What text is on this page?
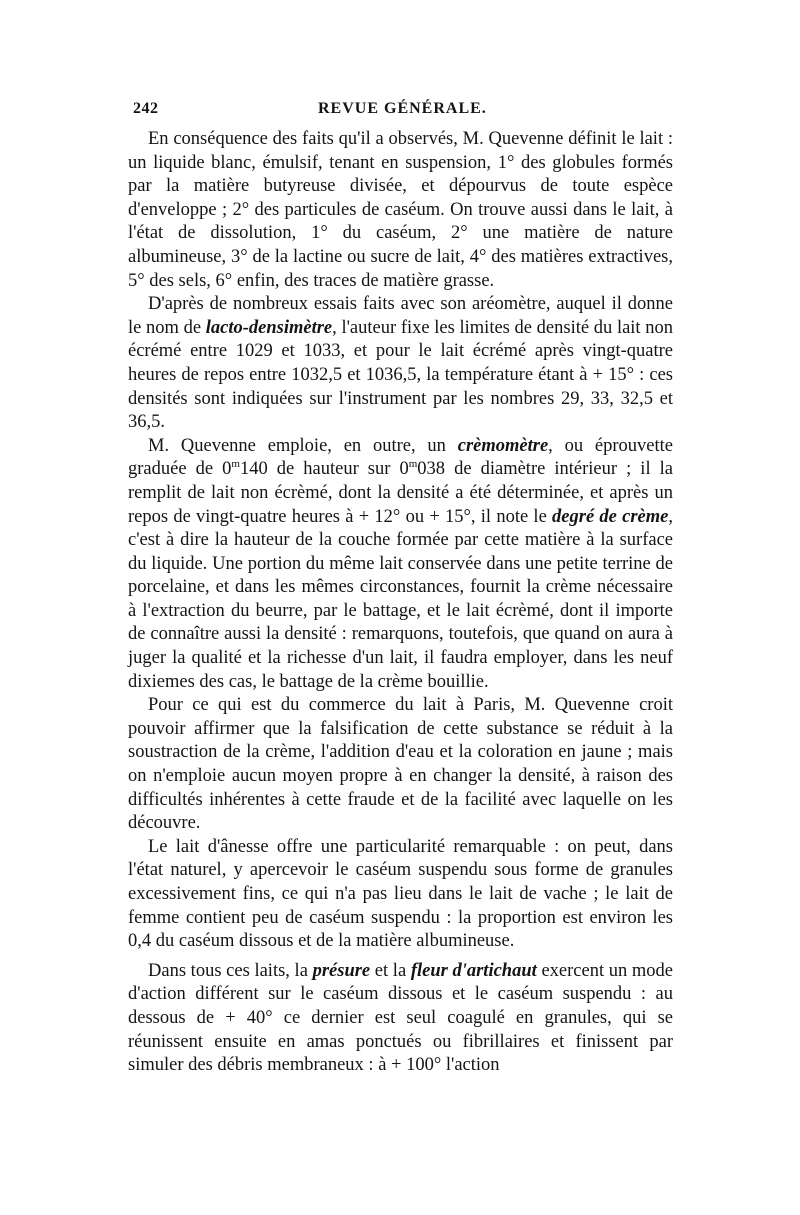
242	REVUE GÉNÉRALE.

En conséquence des faits qu'il a observés, M. Quevenne définit le lait : un liquide blanc, émulsif, tenant en suspension, 1° des globules formés par la matière butyreuse divisée, et dépourvus de toute espèce d'enveloppe ; 2° des particules de caséum. On trouve aussi dans le lait, à l'état de dissolution, 1° du caséum, 2° une matière de nature albumineuse, 3° de la lactine ou sucre de lait, 4° des matières extractives, 5° des sels, 6° enfin, des traces de matière grasse.

D'après de nombreux essais faits avec son aréomètre, auquel il donne le nom de lacto-densimètre, l'auteur fixe les limites de densité du lait non écrémé entre 1029 et 1033, et pour le lait écrémé après vingt-quatre heures de repos entre 1032,5 et 1036,5, la température étant à + 15° : ces densités sont indiquées sur l'instrument par les nombres 29, 33, 32,5 et 36,5.

M. Quevenne emploie, en outre, un crèmomètre, ou éprouvette graduée de 0$^m$140 de hauteur sur 0$^m$038 de diamètre intérieur ; il la remplit de lait non écrèmé, dont la densité a été déterminée, et après un repos de vingt-quatre heures à + 12° ou + 15°, il note le degré de crème, c'est à dire la hauteur de la couche formée par cette matière à la surface du liquide. Une portion du même lait conservée dans une petite terrine de porcelaine, et dans les mêmes circonstances, fournit la crème nécessaire à l'extraction du beurre, par le battage, et le lait écrèmé, dont il importe de connaître aussi la densité : remarquons, toutefois, que quand on aura à juger la qualité et la richesse d'un lait, il faudra employer, dans les neuf dixiemes des cas, le battage de la crème bouillie.

Pour ce qui est du commerce du lait à Paris, M. Quevenne croit pouvoir affirmer que la falsification de cette substance se réduit à la soustraction de la crème, l'addition d'eau et la coloration en jaune ; mais on n'emploie aucun moyen propre à en changer la densité, à raison des difficultés inhérentes à cette fraude et de la facilité avec laquelle on les découvre.

Le lait d'ânesse offre une particularité remarquable : on peut, dans l'état naturel, y apercevoir le caséum suspendu sous forme de granules excessivement fins, ce qui n'a pas lieu dans le lait de vache ; le lait de femme contient peu de caséum suspendu : la proportion est environ les 0,4 du caséum dissous et de la matière albumineuse.

Dans tous ces laits, la présure et la fleur d'artichaut exercent un mode d'action différent sur le caséum dissous et le caséum suspendu : au dessous de + 40° ce dernier est seul coagulé en granules, qui se réunissent ensuite en amas ponctués ou fibrillaires et finissent par simuler des débris membraneux : à + 100° l'action
